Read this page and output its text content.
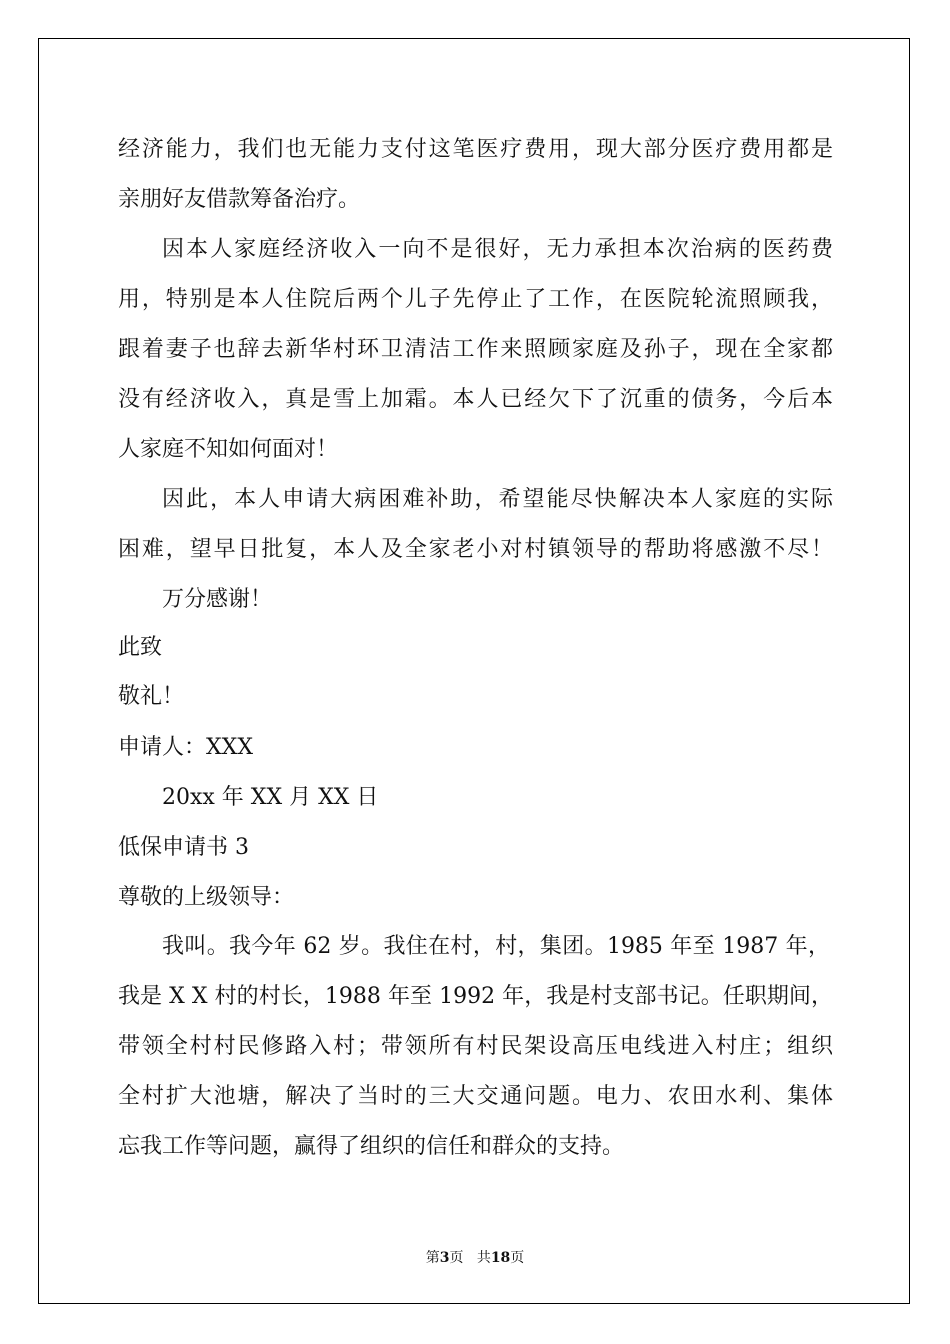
经济能力，我们也无能力支付这笔医疗费用，现大部分医疗费用都是
亲朋好友借款筹备治疗。
因本人家庭经济收入一向不是很好，无力承担本次治病的医药费
用，特别是本人住院后两个儿子先停止了工作，在医院轮流照顾我，
跟着妻子也辞去新华村环卫清洁工作来照顾家庭及孙子，现在全家都
没有经济收入，真是雪上加霜。本人已经欠下了沉重的债务，今后本
人家庭不知如何面对！
因此，本人申请大病困难补助，希望能尽快解决本人家庭的实际
困难，望早日批复，本人及全家老小对村镇领导的帮助将感激不尽！
万分感谢！
此致
敬礼！
申请人：XXX
20xx 年 XX 月 XX 日
低保申请书 3
尊敬的上级领导：
我叫。我今年 62 岁。我住在村，村，集团。1985 年至 1987 年，
我是 X X 村的村长，1988 年至 1992 年，我是村支部书记。任职期间，
带领全村村民修路入村；带领所有村民架设高压电线进入村庄；组织
全村扩大池塘，解决了当时的三大交通问题。电力、农田水利、集体
忘我工作等问题，赢得了组织的信任和群众的支持。
第3页 共18页
